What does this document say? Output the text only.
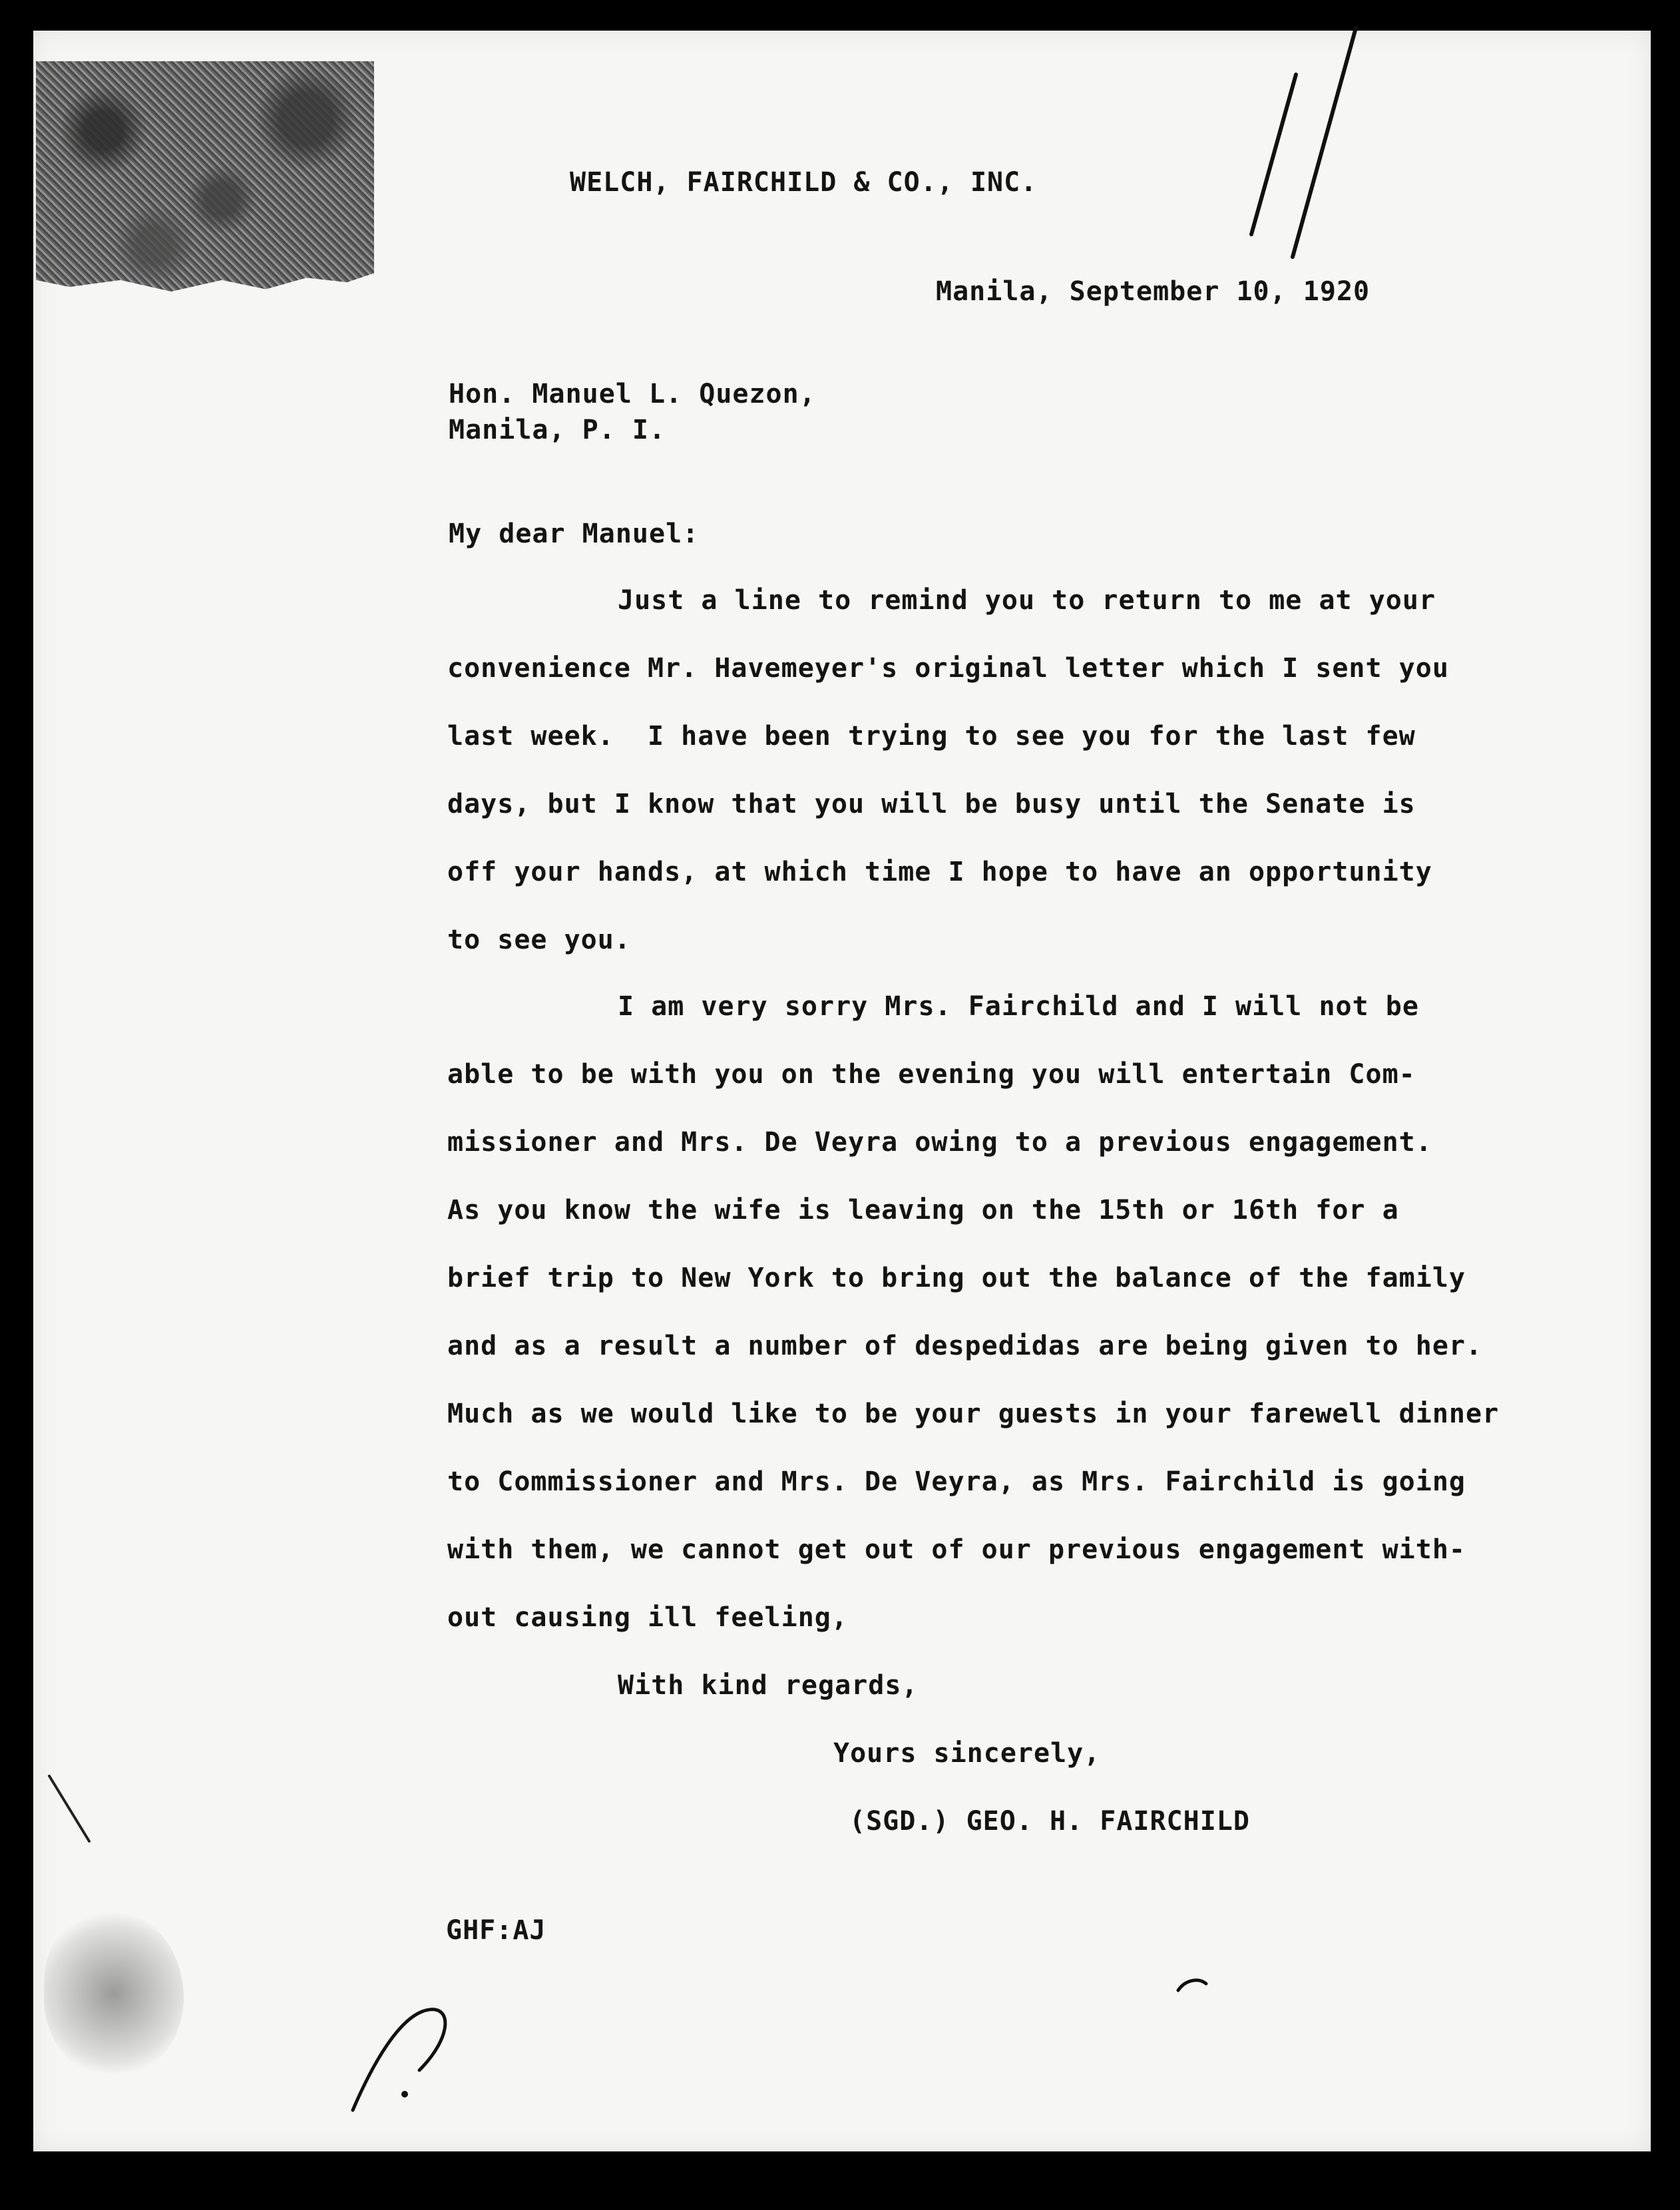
WELCH, FAIRCHILD & CO., INC.

Manila, September 10, 1920

Hon. Manuel L. Quezon,

Manila, P. I.

My dear Manuel:

Just a line to remind you to return to me at your

convenience Mr. Havemeyer's original letter which I sent you

last week.  I have been trying to see you for the last few

days, but I know that you will be busy until the Senate is

off your hands, at which time I hope to have an opportunity

to see you.

I am very sorry Mrs. Fairchild and I will not be

able to be with you on the evening you will entertain Com-

missioner and Mrs. De Veyra owing to a previous engagement.

As you know the wife is leaving on the 15th or 16th for a

brief trip to New York to bring out the balance of the family

and as a result a number of despedidas are being given to her.

Much as we would like to be your guests in your farewell dinner

to Commissioner and Mrs. De Veyra, as Mrs. Fairchild is going

with them, we cannot get out of our previous engagement with-

out causing ill feeling,

With kind regards,

Yours sincerely,

(SGD.) GEO. H. FAIRCHILD

GHF:AJ
